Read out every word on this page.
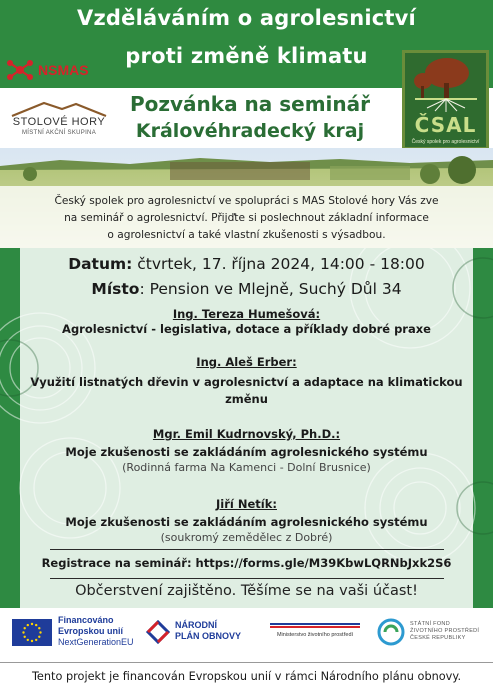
Vzděláváním o agrolesnictví
proti změně klimatu
NSMAS
STOLOVÉ HORY
MÍSTNÍ AKČNÍ SKUPINA
Pozvánka na seminář
Královéhradecký kraj	ČSAL
Český spolek pro agrolesnictví
Český spolek pro agrolesnictví ve spolupráci s MAS Stolové hory Vás zve
na seminář o agrolesnictví. Přijďte si poslechnout základní informace
o agrolesnictví a také vlastní zkušenosti s výsadbou.
Datum: čtvrtek, 17. října 2024, 14:00 - 18:00
Místo: Pension ve Mlejně, Suchý Důl 34
Ing. Tereza Humešová:
Agrolesnictví - legislativa, dotace a příklady dobré praxe
Ing. Aleš Erber:
Využití listnatých dřevin v agrolesnictví a adaptace na klimatickou
změnu
Mgr. Emil Kudrnovský, Ph.D.:
Moje zkušenosti se zakládáním agrolesnického systému
(Rodinná farma Na Kamenci - Dolní Brusnice)
Jiří Netík:
Moje zkušenosti se zakládáním agrolesnického systému
(soukromý zemědělec z Dobré)
Registrace na seminář: https://forms.gle/M39KbwLQRNbJxk2S6
Občerstvení zajištěno. Těšíme se na vaši účast!
Financováno
Evropskou unií
NextGenerationEU
NÁRODNÍ
PLÁN OBNOVY	Ministerstvo životního prostředí
STÁTNÍ FOND
ŽIVOTNÍHO PROSTŘEDÍ
ČESKÉ REPUBLIKY
Tento projekt je financován Evropskou unií v rámci Národního plánu obnovy.
